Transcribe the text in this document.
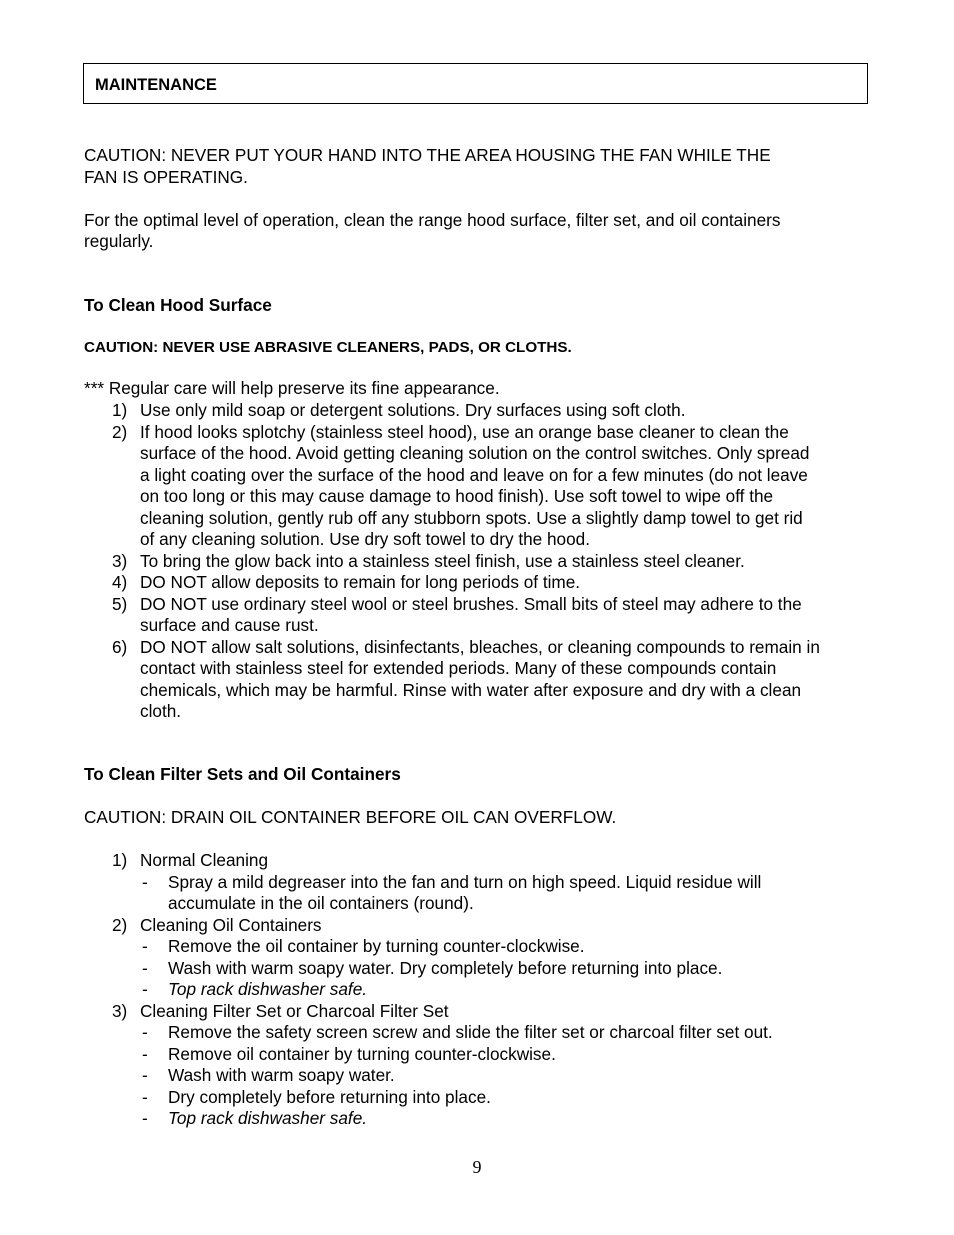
MAINTENANCE
CAUTION: NEVER PUT YOUR HAND INTO THE AREA HOUSING THE FAN WHILE THE
FAN IS OPERATING.
For the optimal level of operation, clean the range hood surface, filter set, and oil containers
regularly.
To Clean Hood Surface
CAUTION: NEVER USE ABRASIVE CLEANERS, PADS, OR CLOTHS.
*** Regular care will help preserve its fine appearance.
1) Use only mild soap or detergent solutions. Dry surfaces using soft cloth.
2) If hood looks splotchy (stainless steel hood), use an orange base cleaner to clean the
surface of the hood. Avoid getting cleaning solution on the control switches. Only spread
a light coating over the surface of the hood and leave on for a few minutes (do not leave
on too long or this may cause damage to hood finish). Use soft towel to wipe off the
cleaning solution, gently rub off any stubborn spots. Use a slightly damp towel to get rid
of any cleaning solution. Use dry soft towel to dry the hood.
3) To bring the glow back into a stainless steel finish, use a stainless steel cleaner.
4) DO NOT allow deposits to remain for long periods of time.
5) DO NOT use ordinary steel wool or steel brushes. Small bits of steel may adhere to the
surface and cause rust.
6) DO NOT allow salt solutions, disinfectants, bleaches, or cleaning compounds to remain in
contact with stainless steel for extended periods. Many of these compounds contain
chemicals, which may be harmful. Rinse with water after exposure and dry with a clean
cloth.
To Clean Filter Sets and Oil Containers
CAUTION: DRAIN OIL CONTAINER BEFORE OIL CAN OVERFLOW.
1) Normal Cleaning
- Spray a mild degreaser into the fan and turn on high speed. Liquid residue will
accumulate in the oil containers (round).
2) Cleaning Oil Containers
- Remove the oil container by turning counter-clockwise.
- Wash with warm soapy water. Dry completely before returning into place.
- Top rack dishwasher safe.
3) Cleaning Filter Set or Charcoal Filter Set
- Remove the safety screen screw and slide the filter set or charcoal filter set out.
- Remove oil container by turning counter-clockwise.
- Wash with warm soapy water.
- Dry completely before returning into place.
- Top rack dishwasher safe.
9
